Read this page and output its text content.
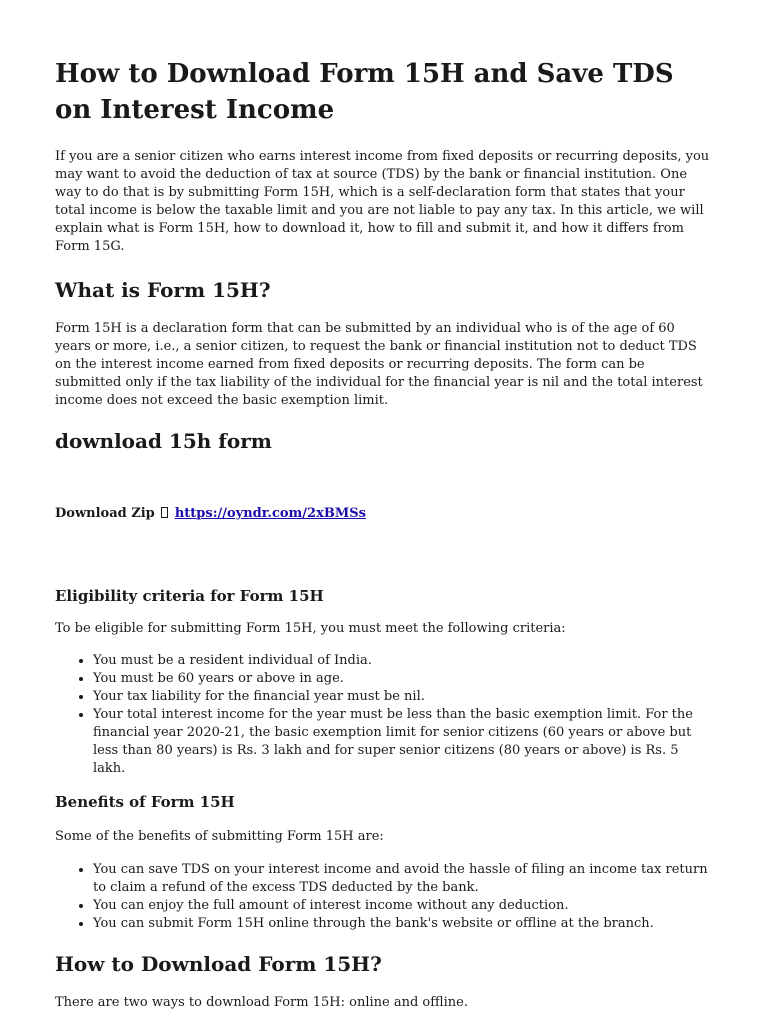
How to Download Form 15H and Save TDS on Interest Income

If you are a senior citizen who earns interest income from fixed deposits or recurring deposits, you may want to avoid the deduction of tax at source (TDS) by the bank or financial institution. One way to do that is by submitting Form 15H, which is a self-declaration form that states that your total income is below the taxable limit and you are not liable to pay any tax. In this article, we will explain what is Form 15H, how to download it, how to fill and submit it, and how it differs from Form 15G.

What is Form 15H?

Form 15H is a declaration form that can be submitted by an individual who is of the age of 60 years or more, i.e., a senior citizen, to request the bank or financial institution not to deduct TDS on the interest income earned from fixed deposits or recurring deposits. The form can be submitted only if the tax liability of the individual for the financial year is nil and the total interest income does not exceed the basic exemption limit.

download 15h form
Download Zip https://oyndr.com/2xBMSs
Eligibility criteria for Form 15H

To be eligible for submitting Form 15H, you must meet the following criteria:

• You must be a resident individual of India.
• You must be 60 years or above in age.
• Your tax liability for the financial year must be nil.
• Your total interest income for the year must be less than the basic exemption limit. For the financial year 2020-21, the basic exemption limit for senior citizens (60 years or above but less than 80 years) is Rs. 3 lakh and for super senior citizens (80 years or above) is Rs. 5 lakh.
Benefits of Form 15H

Some of the benefits of submitting Form 15H are:

• You can save TDS on your interest income and avoid the hassle of filing an income tax return to claim a refund of the excess TDS deducted by the bank.
• You can enjoy the full amount of interest income without any deduction.
• You can submit Form 15H online through the bank's website or offline at the branch.
How to Download Form 15H?

There are two ways to download Form 15H: online and offline.
